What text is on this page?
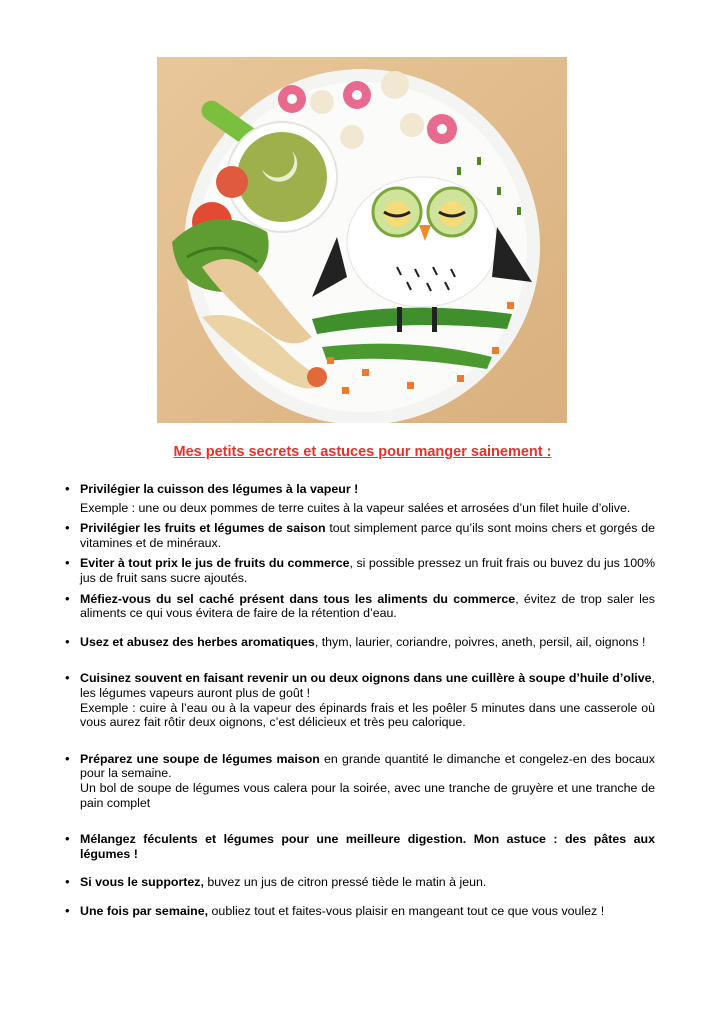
Mes petits secrets et astuces pour manger sainement :
• Privilégier la cuisson des légumes à la vapeur !
Exemple : une ou deux pommes de terre cuites à la vapeur salées et arrosées d’un filet huile d’olive.
• Privilégier les fruits et légumes de saison tout simplement parce qu’ils sont moins chers et gorgés de vitamines et de minéraux.
• Eviter à tout prix le jus de fruits du commerce, si possible pressez un fruit frais ou buvez du jus 100% jus de fruit sans sucre ajoutés.
• Méfiez-vous du sel caché présent dans tous les aliments du commerce, évitez de trop saler les aliments ce qui vous évitera de faire de la rétention d’eau.
• Usez et abusez des herbes aromatiques, thym, laurier, coriandre, poivres, aneth, persil, ail, oignons !
• Cuisinez souvent en faisant revenir un ou deux oignons dans une cuillère à soupe d’huile d’olive, les légumes vapeurs auront plus de goût !
Exemple : cuire à l’eau ou à la vapeur des épinards frais et les poêler 5 minutes dans une casserole où vous aurez fait rôtir deux oignons, c’est délicieux et très peu calorique.
• Préparez une soupe de légumes maison en grande quantité le dimanche et congelez-en des bocaux pour la semaine.
Un bol de soupe de légumes vous calera pour la soirée, avec une tranche de gruyère et une tranche de pain complet
• Mélangez féculents et légumes pour une meilleure digestion. Mon astuce : des pâtes aux légumes !
• Si vous le supportez, buvez un jus de citron pressé tiède le matin à jeun.
• Une fois par semaine, oubliez tout et faites-vous plaisir en mangeant tout ce que vous voulez !
